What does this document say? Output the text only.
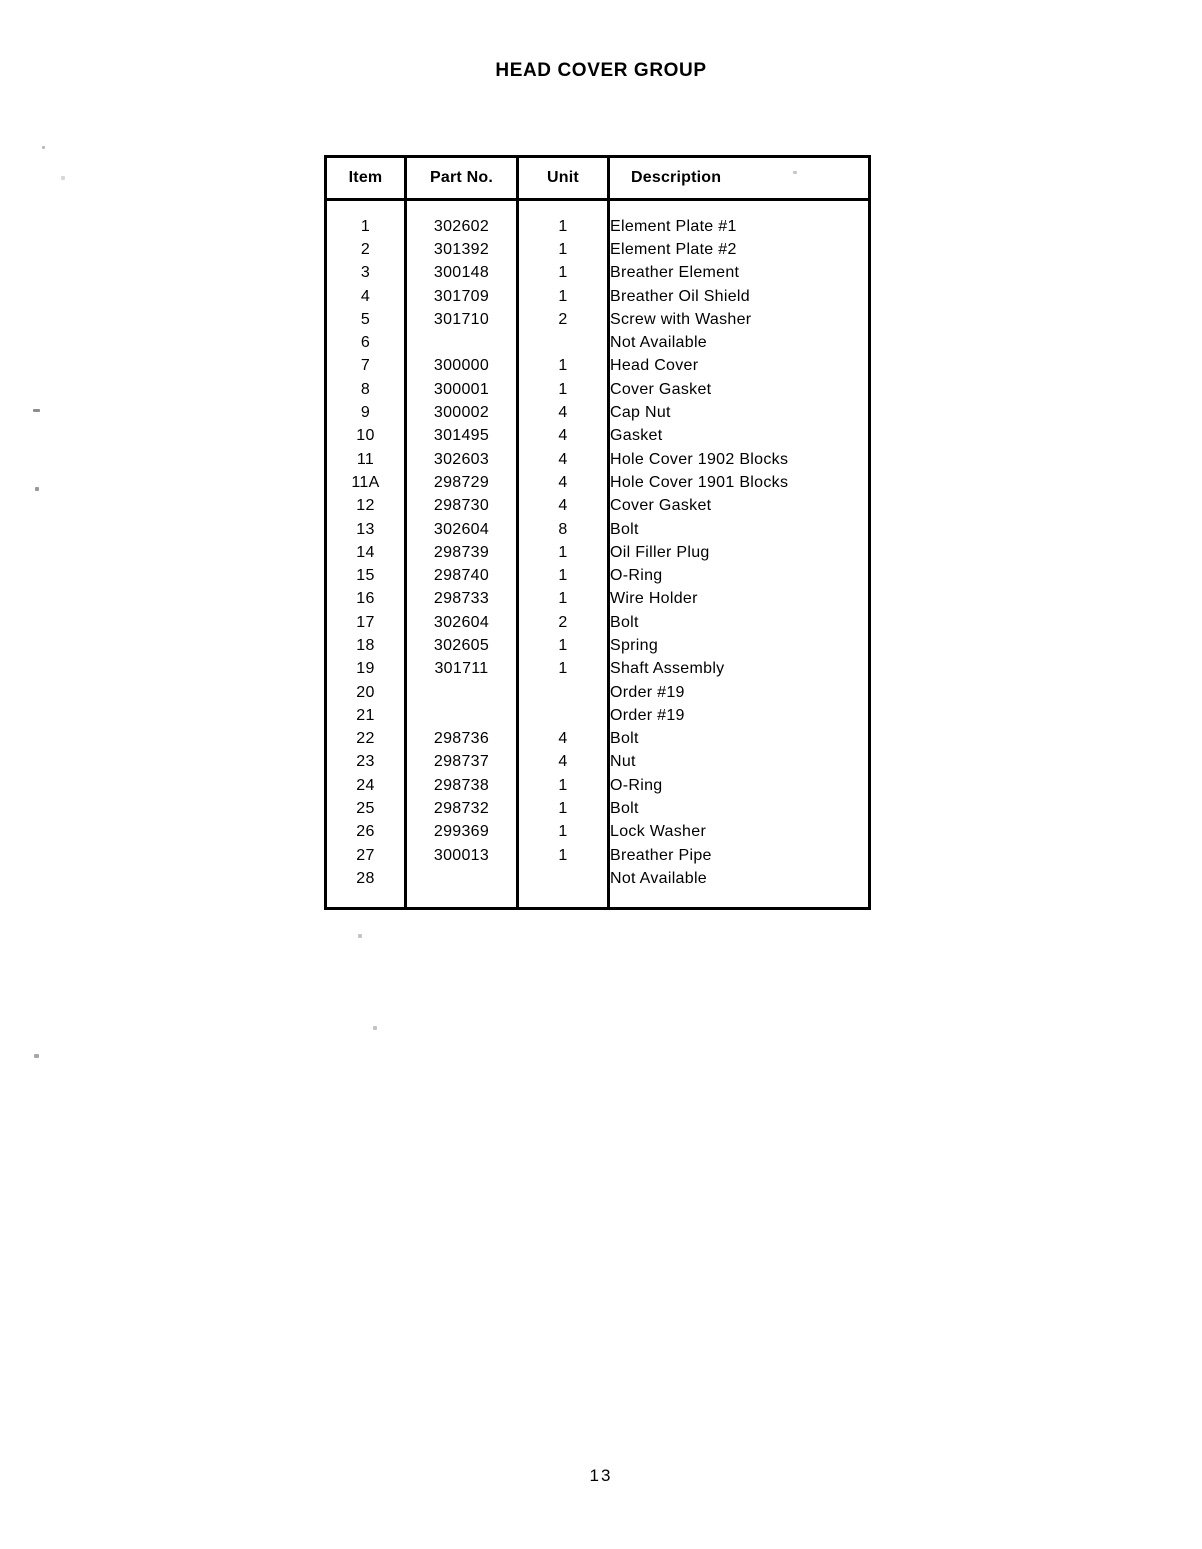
HEAD COVER GROUP
Item	Part No.	Unit	Description

1	302602	1	Element Plate #1
2	301392	1	Element Plate #2
3	300148	1	Breather Element
4	301709	1	Breather Oil Shield
5	301710	2	Screw with Washer
6			Not Available
7	300000	1	Head Cover
8	300001	1	Cover Gasket
9	300002	4	Cap Nut
10	301495	4	Gasket
11	302603	4	Hole Cover 1902 Blocks
11A	298729	4	Hole Cover 1901 Blocks
12	298730	4	Cover Gasket
13	302604	8	Bolt
14	298739	1	Oil Filler Plug
15	298740	1	O-Ring
16	298733	1	Wire Holder
17	302604	2	Bolt
18	302605	1	Spring
19	301711	1	Shaft Assembly
20			Order #19
21			Order #19
22	298736	4	Bolt
23	298737	4	Nut
24	298738	1	O-Ring
25	298732	1	Bolt
26	299369	1	Lock Washer
27	300013	1	Breather Pipe
28			Not Available

13
